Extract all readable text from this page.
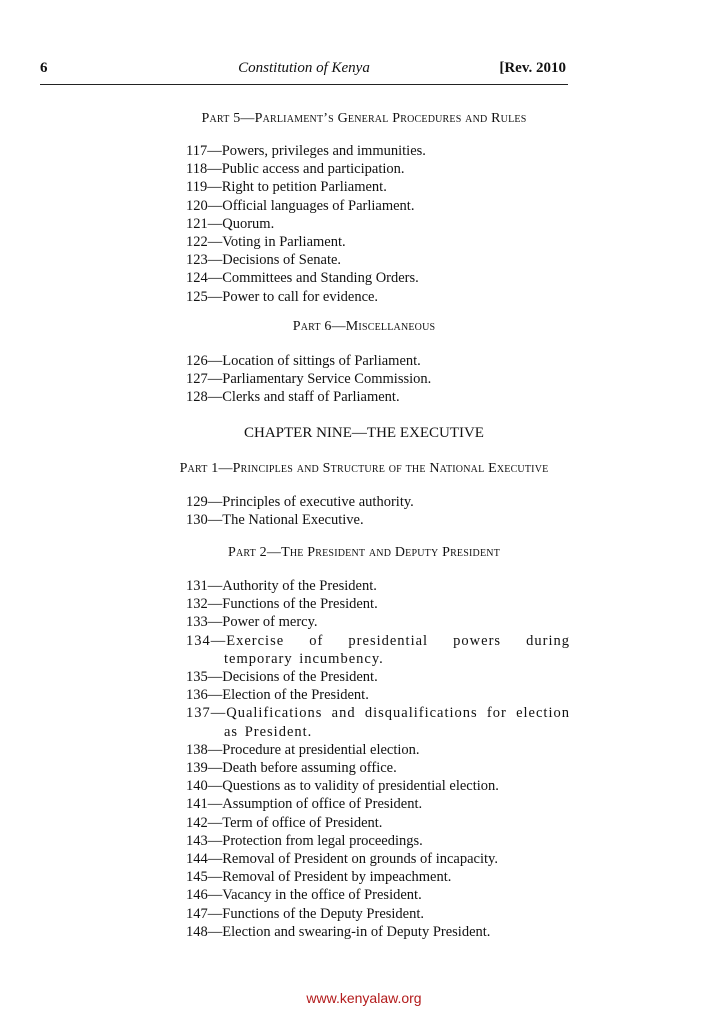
6	Constitution of Kenya	[Rev. 2010
Part 5—Parliament’s General Procedures and Rules
117—Powers, privileges and immunities.
118—Public access and participation.
119—Right to petition Parliament.
120—Official languages of Parliament.
121—Quorum.
122—Voting in Parliament.
123—Decisions of Senate.
124—Committees and Standing Orders.
125—Power to call for evidence.
Part 6—Miscellaneous
126—Location of sittings of Parliament.
127—Parliamentary Service Commission.
128—Clerks and staff of Parliament.
CHAPTER NINE—THE EXECUTIVE
Part 1—Principles and Structure of the National Executive
129—Principles of executive authority.
130—The National Executive.
Part 2—The President and Deputy President
131—Authority of the President.
132—Functions of the President.
133—Power of mercy.
134—Exercise of presidential powers during temporary incumbency.
135—Decisions of the President.
136—Election of the President.
137—Qualifications and disqualifications for election as President.
138—Procedure at presidential election.
139—Death before assuming office.
140—Questions as to validity of presidential election.
141—Assumption of office of President.
142—Term of office of President.
143—Protection from legal proceedings.
144—Removal of President on grounds of incapacity.
145—Removal of President by impeachment.
146—Vacancy in the office of President.
147—Functions of the Deputy President.
148—Election and swearing-in of Deputy President.
www.kenyalaw.org
